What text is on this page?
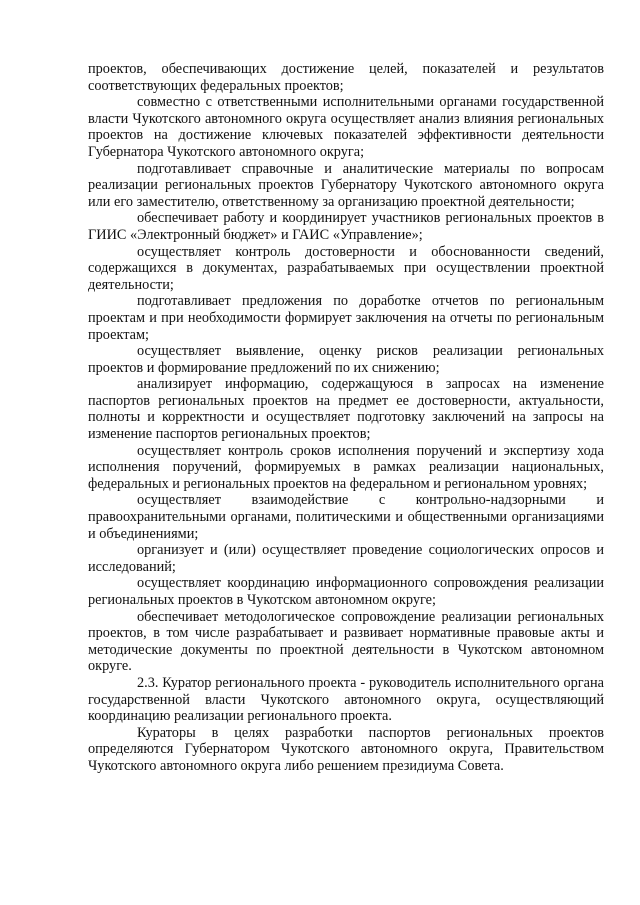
проектов, обеспечивающих достижение целей, показателей и результатов соответствующих федеральных проектов;

совместно с ответственными исполнительными органами государственной власти Чукотского автономного округа осуществляет анализ влияния региональных проектов на достижение ключевых показателей эффективности деятельности Губернатора Чукотского автономного округа;

подготавливает справочные и аналитические материалы по вопросам реализации региональных проектов Губернатору Чукотского автономного округа или его заместителю, ответственному за организацию проектной деятельности;

обеспечивает работу и координирует участников региональных проектов в ГИИС «Электронный бюджет» и ГАИС «Управление»;

осуществляет контроль достоверности и обоснованности сведений, содержащихся в документах, разрабатываемых при осуществлении проектной деятельности;

подготавливает предложения по доработке отчетов по региональным проектам и при необходимости формирует заключения на отчеты по региональным проектам;

осуществляет выявление, оценку рисков реализации региональных проектов и формирование предложений по их снижению;

анализирует информацию, содержащуюся в запросах на изменение паспортов региональных проектов на предмет ее достоверности, актуальности, полноты и корректности и осуществляет подготовку заключений на запросы на изменение паспортов региональных проектов;

осуществляет контроль сроков исполнения поручений и экспертизу хода исполнения поручений, формируемых в рамках реализации национальных, федеральных и региональных проектов на федеральном и региональном уровнях;

осуществляет взаимодействие с контрольно-надзорными и правоохранительными органами, политическими и общественными организациями и объединениями;

организует и (или) осуществляет проведение социологических опросов и исследований;

осуществляет координацию информационного сопровождения реализации региональных проектов в Чукотском автономном округе;

обеспечивает методологическое сопровождение реализации региональных проектов, в том числе разрабатывает и развивает нормативные правовые акты и методические документы по проектной деятельности в Чукотском автономном округе.

2.3. Куратор регионального проекта - руководитель исполнительного органа государственной власти Чукотского автономного округа, осуществляющий координацию реализации регионального проекта.

Кураторы в целях разработки паспортов региональных проектов определяются Губернатором Чукотского автономного округа, Правительством Чукотского автономного округа либо решением президиума Совета.
